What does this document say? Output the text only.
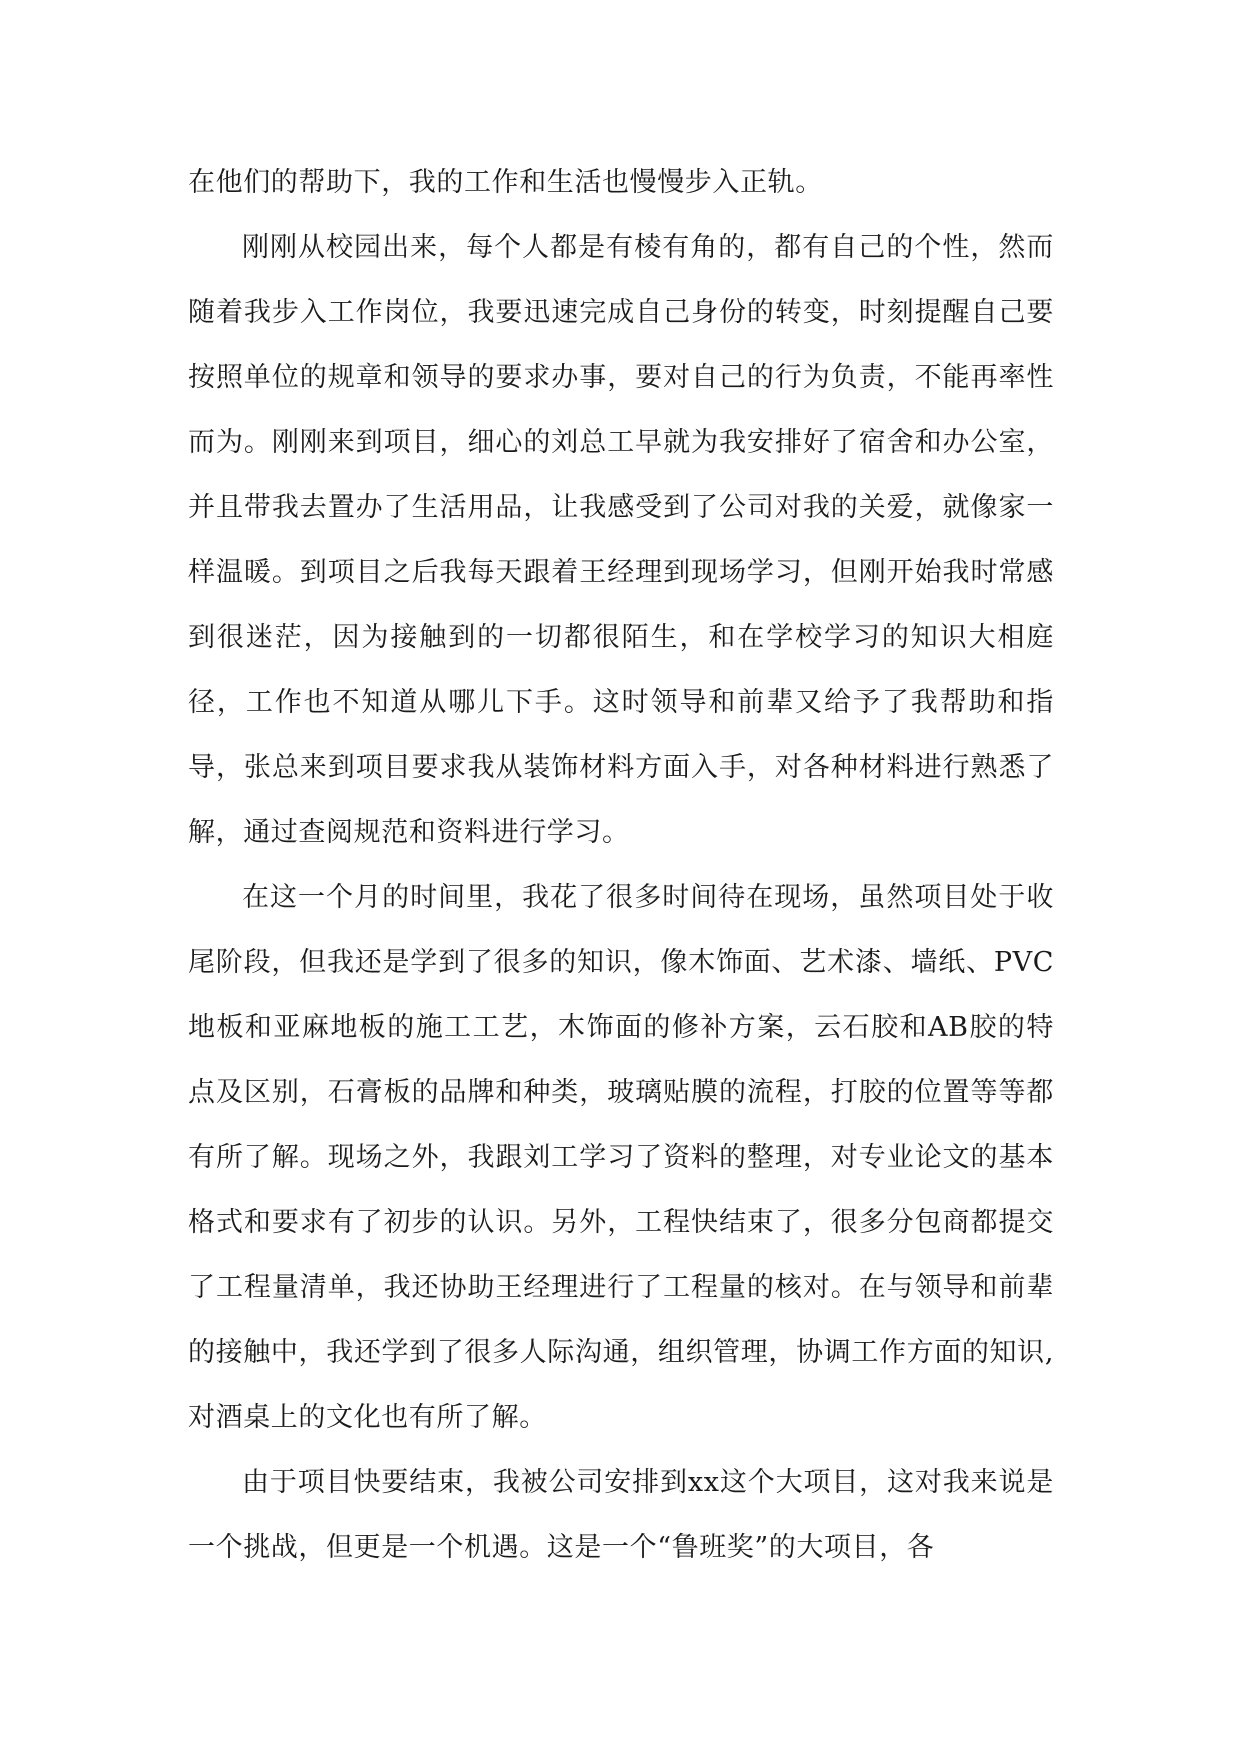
在他们的帮助下，我的工作和生活也慢慢步入正轨。

刚刚从校园出来，每个人都是有棱有角的，都有自己的个性，然而随着我步入工作岗位，我要迅速完成自己身份的转变，时刻提醒自己要按照单位的规章和领导的要求办事，要对自己的行为负责，不能再率性而为。刚刚来到项目，细心的刘总工早就为我安排好了宿舍和办公室，并且带我去置办了生活用品，让我感受到了公司对我的关爱，就像家一样温暖。到项目之后我每天跟着王经理到现场学习，但刚开始我时常感到很迷茫，因为接触到的一切都很陌生，和在学校学习的知识大相庭径，工作也不知道从哪儿下手。这时领导和前辈又给予了我帮助和指导，张总来到项目要求我从装饰材料方面入手，对各种材料进行熟悉了解，通过查阅规范和资料进行学习。

在这一个月的时间里，我花了很多时间待在现场，虽然项目处于收尾阶段，但我还是学到了很多的知识，像木饰面、艺术漆、墙纸、PVC地板和亚麻地板的施工工艺，木饰面的修补方案，云石胶和AB胶的特点及区别，石膏板的品牌和种类，玻璃贴膜的流程，打胶的位置等等都有所了解。现场之外，我跟刘工学习了资料的整理，对专业论文的基本格式和要求有了初步的认识。另外，工程快结束了，很多分包商都提交了工程量清单，我还协助王经理进行了工程量的核对。在与领导和前辈的接触中，我还学到了很多人际沟通，组织管理，协调工作方面的知识,对酒桌上的文化也有所了解。

由于项目快要结束，我被公司安排到xx这个大项目，这对我来说是一个挑战，但更是一个机遇。这是一个“鲁班奖”的大项目，各
